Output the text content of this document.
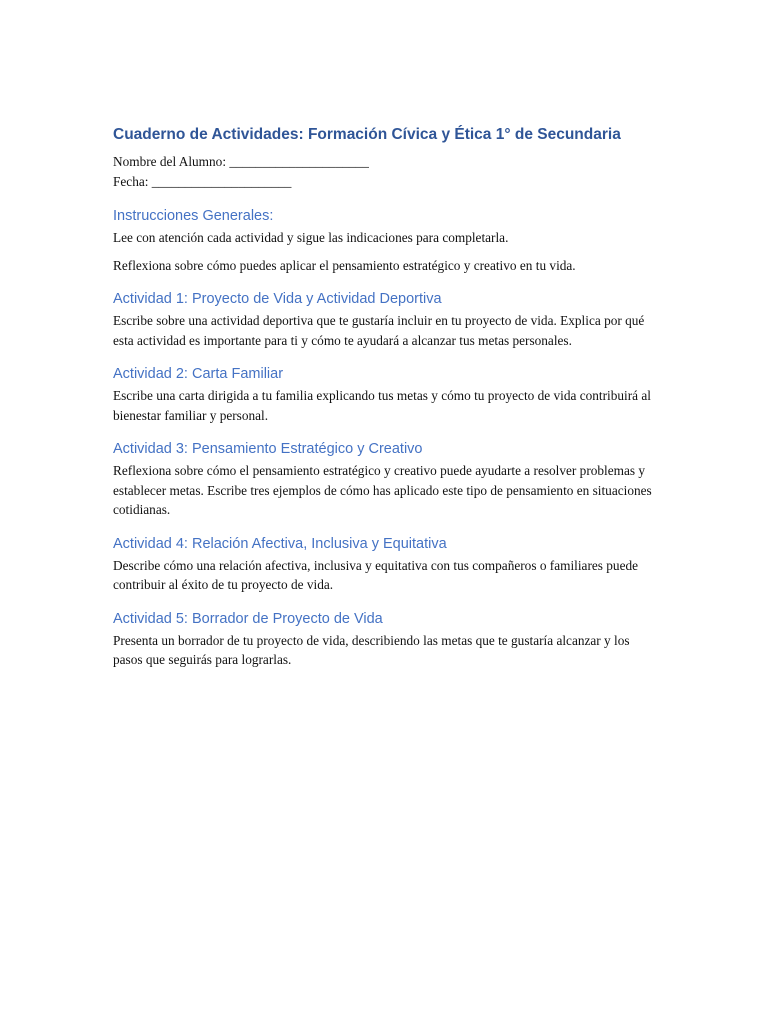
Cuaderno de Actividades: Formación Cívica y Ética 1° de Secundaria

Nombre del Alumno: _____________________

Fecha: _____________________

Instrucciones Generales:

Lee con atención cada actividad y sigue las indicaciones para completarla.

Reflexiona sobre cómo puedes aplicar el pensamiento estratégico y creativo en tu vida.

Actividad 1: Proyecto de Vida y Actividad Deportiva

Escribe sobre una actividad deportiva que te gustaría incluir en tu proyecto de vida. Explica por qué esta actividad es importante para ti y cómo te ayudará a alcanzar tus metas personales.

Actividad 2: Carta Familiar

Escribe una carta dirigida a tu familia explicando tus metas y cómo tu proyecto de vida contribuirá al bienestar familiar y personal.

Actividad 3: Pensamiento Estratégico y Creativo

Reflexiona sobre cómo el pensamiento estratégico y creativo puede ayudarte a resolver problemas y establecer metas. Escribe tres ejemplos de cómo has aplicado este tipo de pensamiento en situaciones cotidianas.

Actividad 4: Relación Afectiva, Inclusiva y Equitativa

Describe cómo una relación afectiva, inclusiva y equitativa con tus compañeros o familiares puede contribuir al éxito de tu proyecto de vida.

Actividad 5: Borrador de Proyecto de Vida

Presenta un borrador de tu proyecto de vida, describiendo las metas que te gustaría alcanzar y los pasos que seguirás para lograrlas.
